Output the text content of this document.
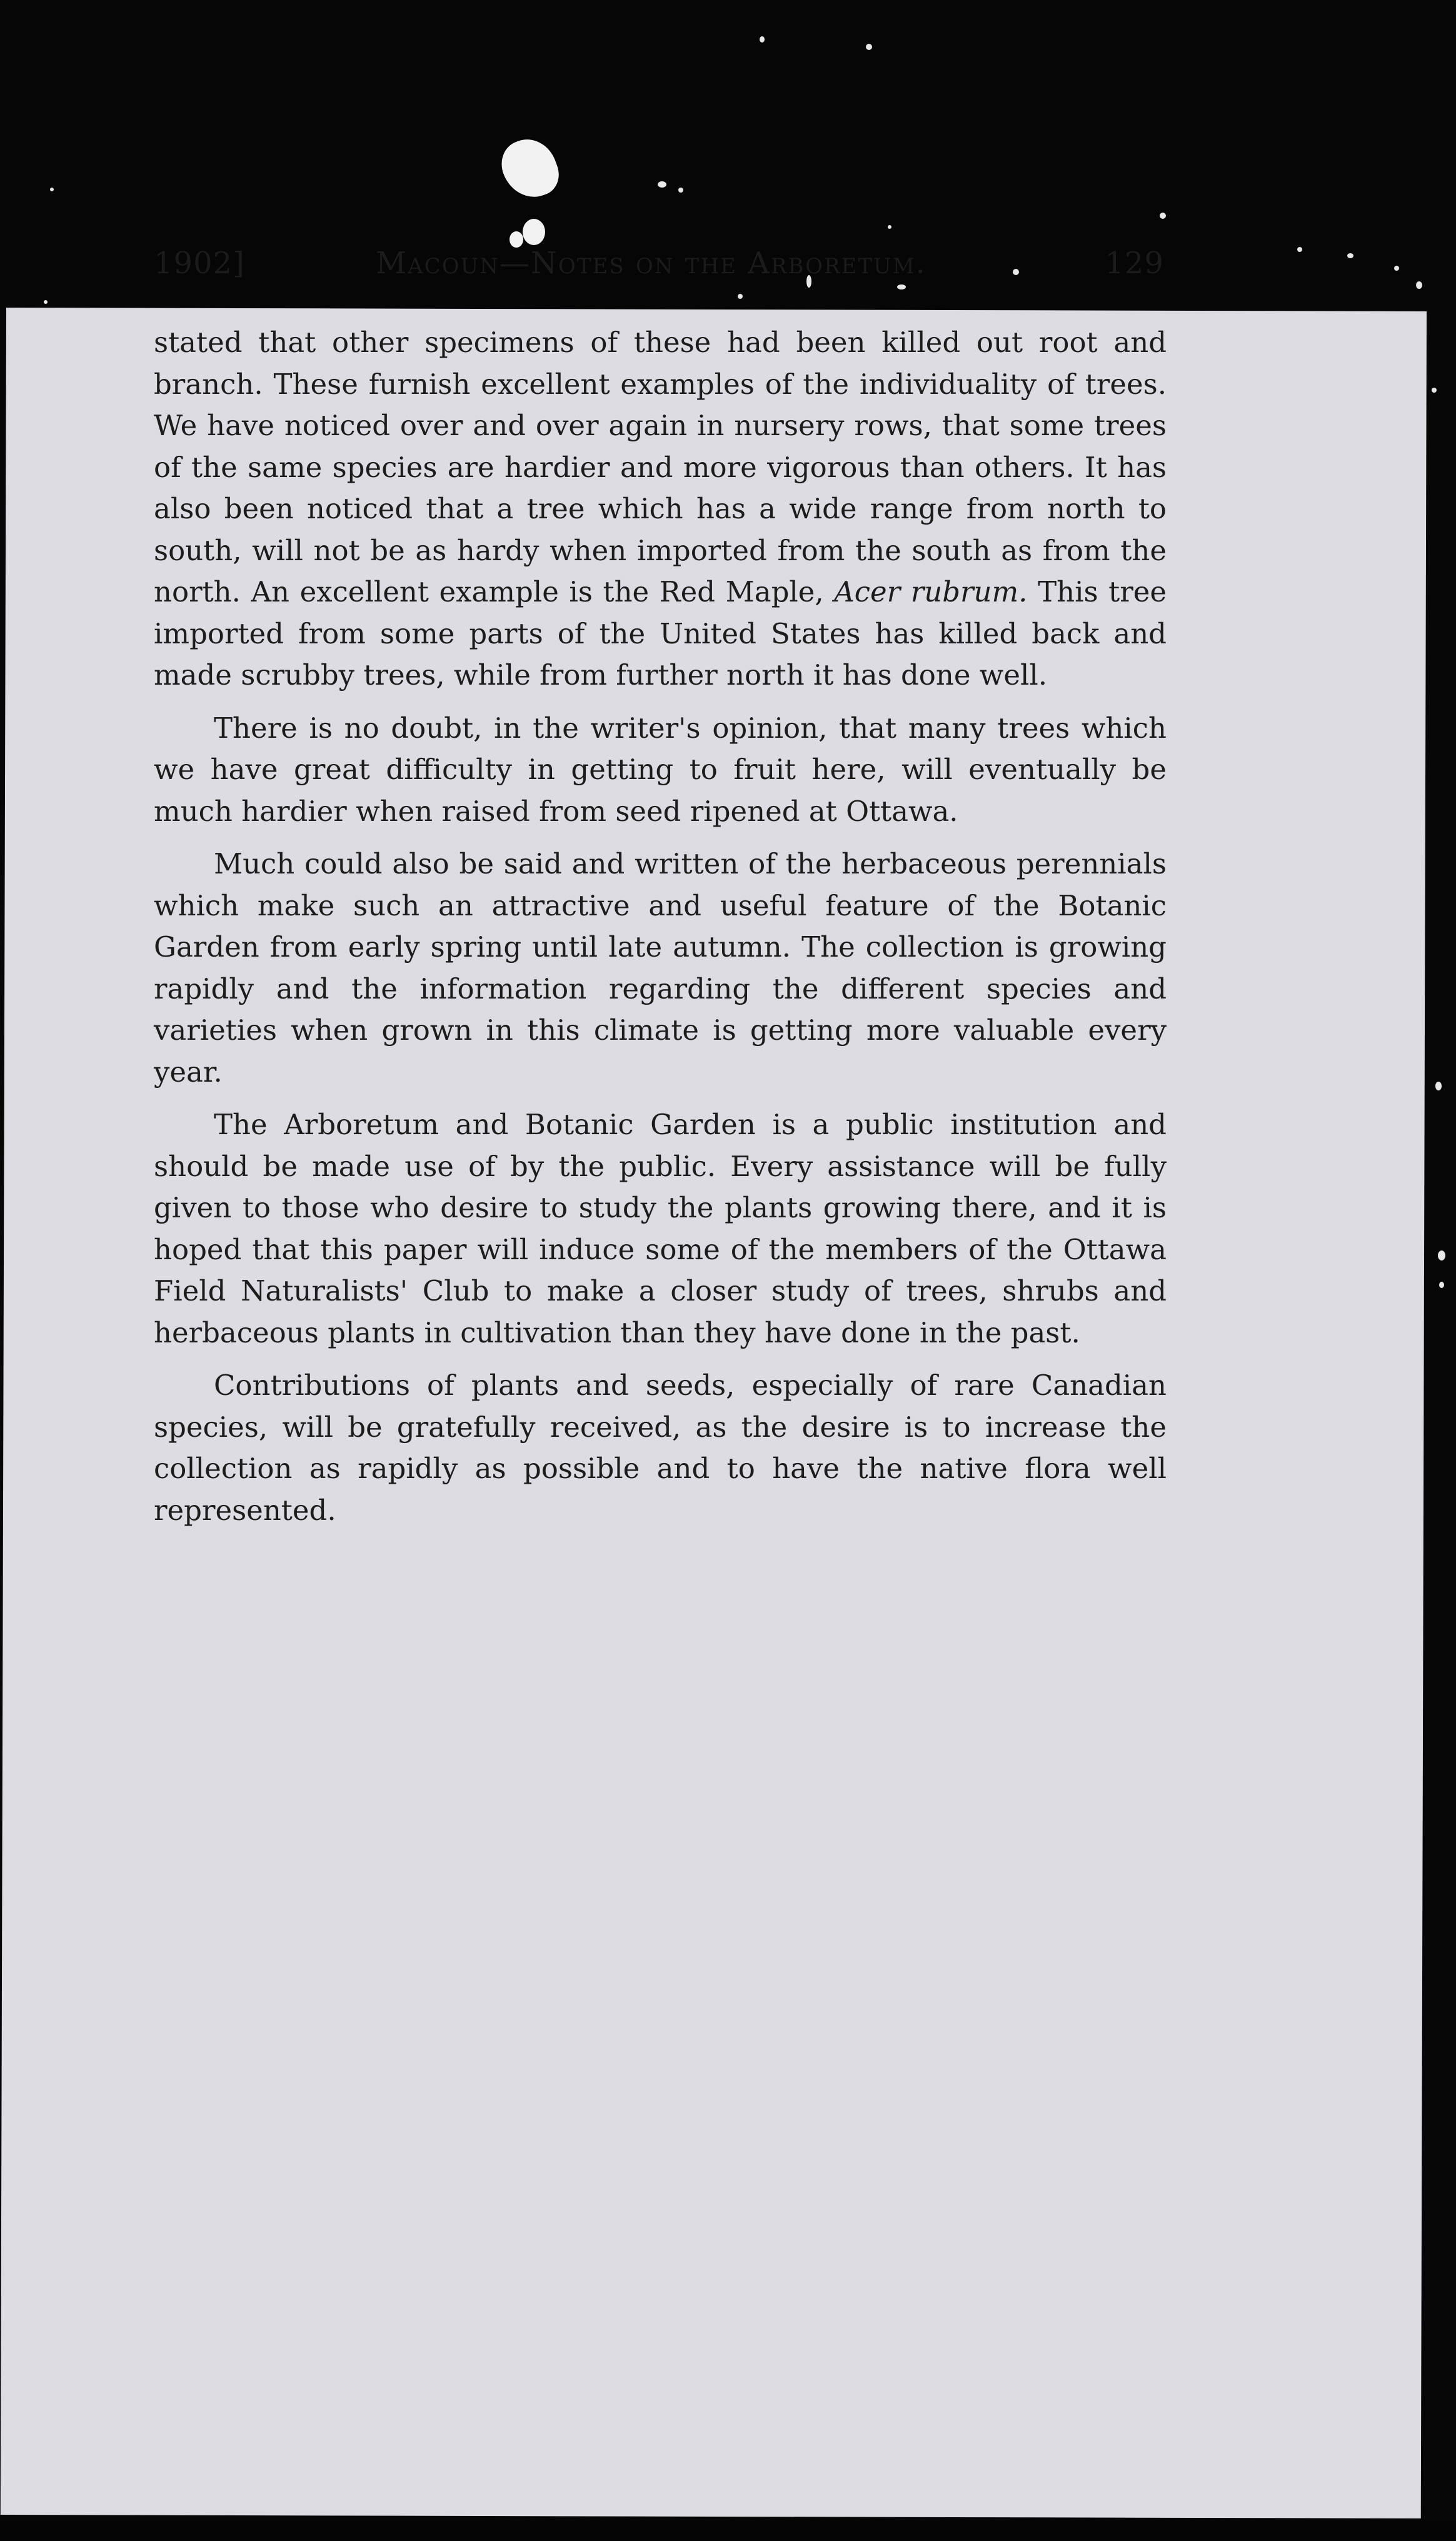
1902]	Macoun—Notes on the Arboretum.	129

stated that other specimens of these had been killed out root and branch. These furnish excellent examples of the individuality of trees. We have noticed over and over again in nursery rows, that some trees of the same species are hardier and more vigorous than others. It has also been noticed that a tree which has a wide range from north to south, will not be as hardy when imported from the south as from the north. An excellent example is the Red Maple, Acer rubrum. This tree imported from some parts of the United States has killed back and made scrubby trees, while from further north it has done well.

There is no doubt, in the writer's opinion, that many trees which we have great difficulty in getting to fruit here, will eventually be much hardier when raised from seed ripened at Ottawa.

Much could also be said and written of the herbaceous perennials which make such an attractive and useful feature of the Botanic Garden from early spring until late autumn. The collection is growing rapidly and the information regarding the different species and varieties when grown in this climate is getting more valuable every year.

The Arboretum and Botanic Garden is a public institution and should be made use of by the public. Every assistance will be fully given to those who desire to study the plants growing there, and it is hoped that this paper will induce some of the members of the Ottawa Field Naturalists' Club to make a closer study of trees, shrubs and herbaceous plants in cultivation than they have done in the past.

Contributions of plants and seeds, especially of rare Canadian species, will be gratefully received, as the desire is to increase the collection as rapidly as possible and to have the native flora well represented.
